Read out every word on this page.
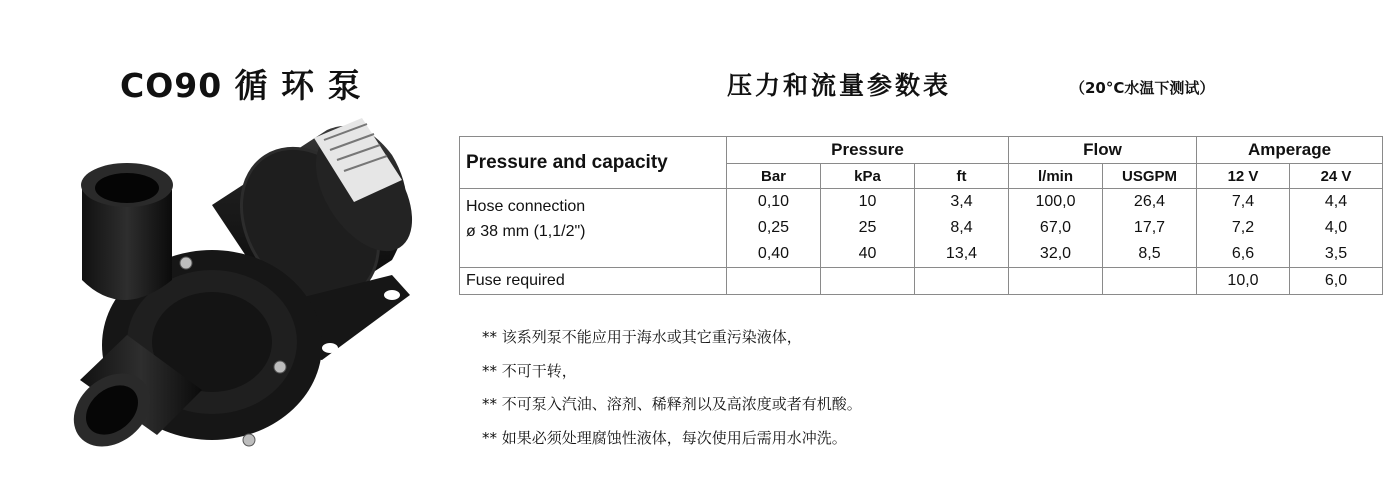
CO90 循 环 泵	压力和流量参数表	（20°C水温下测试）
Pressure and capacity	Pressure			Flow		Amperage	
	Bar	kPa	ft	l/min	USGPM	12 V	24 V
Hose connection
ø 38 mm (1,1/2")	0,10	10	3,4	100,0	26,4	7,4	4,4
	0,25	25	8,4	67,0	17,7	7,2	4,0
	0,40	40	13,4	32,0	8,5	6,6	3,5
Fuse required						10,0	6,0
** 该系列泵不能应用于海水或其它重污染液体，
** 不可干转，
** 不可泵入汽油、溶剂、稀释剂以及高浓度或者有机酸。
** 如果必须处理腐蚀性液体，每次使用后需用水冲洗。
